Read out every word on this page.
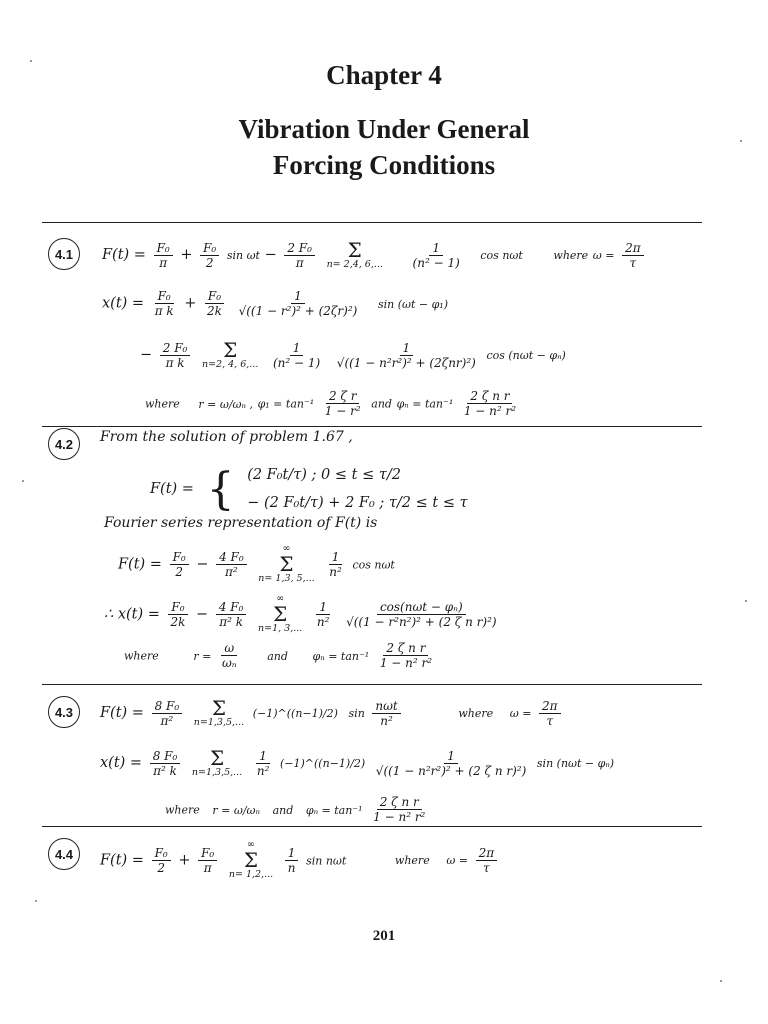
Chapter 4
Vibration Under General
Forcing Conditions
4.1	$F(t) = \frac{\text{F₀}}{\pi} + \frac{\text{F₀}}{2}$ $\sin \omega t - \frac{\text{2 F₀}}{\pi}$
Σ
n= 2,4, 6,...
$\frac{1}{\text{(n² − 1)}}$ cos nωt	where $\omega = \frac{2\pi}{\tau}$
$x(t) = \frac{\text{F₀}}{\text{π k}} + \frac{\text{F₀}}{2k}$
$\frac{1}{\text{√((1 − r²)² + (2ζr)²)}}$ sin (ωt − φ₁)
− $\frac{\text{2 F₀}}{\text{π k}}$
Σ
n=2, 4, 6,...
$\frac{1}{\text{(n² − 1)}}$
$\frac{1}{\text{√((1 − n²r²)² + (2ζnr)²)}}$ cos (nωt − φₙ)
where r = ω/ωₙ , $\varphi_1 = \tan^{-1} \frac{\text{2 ζ r}}{\text{1 − r²}}$ and $\varphi_n = \tan^{-1} \frac{\text{2 ζ n r}}{\text{1 − n² r²}}$
4.2	From the solution of problem 1.67 ,
F(t) = { (2 F₀t/τ) ; 0 ≤ t ≤ τ/2
− (2 F₀t/τ) + 2 F₀ ; τ/2 ≤ t ≤ τ
Fourier series representation of F(t) is
$F(t) = \frac{\text{F₀}}{2} - \frac{\text{4 F₀}}{\text{π²}}$

∞
Σ
n= 1,3, 5,...

$\frac{1}{\text{n²}}$ cos nωt
∴ $x(t) = \frac{\text{F₀}}{2k} - \frac{\text{4 F₀}}{\text{π² k}}$

∞
Σ
n=1, 3,...

$\frac{1}{\text{n²}}$
$\frac{\text{cos(nωt − φₙ)}}{\text{√((1 − r²n²)² + (2 ζ n r)²)}}$
where	$r = \frac{\omega}{\text{ωₙ}}$	and $\varphi_n = \tan^{-1} \frac{\text{2 ζ n r}}{\text{1 − n² r²}}$
4.3	$F(t) = \frac{\text{8 F₀}}{\text{π²}}$
Σ
n=1,3,5,...
(−1)^((n−1)/2) $\sin \frac{\text{nωt}}{\text{n²}}$	where $\omega = \frac{2\pi}{\tau}$
$x(t) = \frac{\text{8 F₀}}{\text{π² k}}$
Σ
n=1,3,5,...
$\frac{1}{\text{n²}}$ (−1)^((n−1)/2) $\frac{1}{\text{√((1 − n²r²)² + (2 ζ n r)²)}}$ sin (nωt − φₙ)
where r = ω/ωₙ and $\varphi_n = \tan^{-1} \frac{\text{2 ζ n r}}{\text{1 − n² r²}}$
4.4	$F(t) = \frac{\text{F₀}}{2} + \frac{\text{F₀}}{\pi}$

∞
Σ
n= 1,2,...

$\frac{1}{n}$ sin nωt	where $\omega = \frac{2\pi}{\tau}$
201
